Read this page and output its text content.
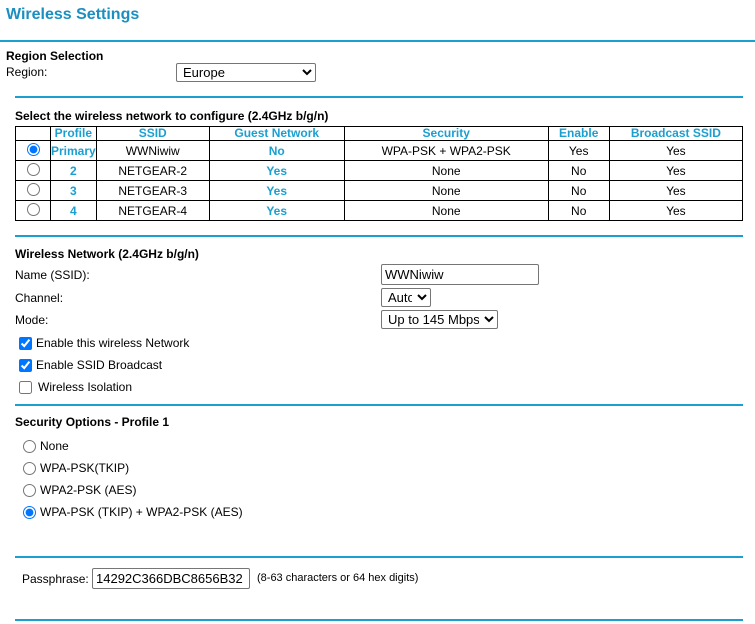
Wireless Settings
Region Selection
Region:
Europe
Select the wireless network to configure (2.4GHz b/g/n)
	Profile	SSID	Guest Network	Security	Enable	Broadcast SSID
	Primary	WWNiwiw	No	WPA-PSK + WPA2-PSK	Yes	Yes
	2	NETGEAR-2	Yes	None	No	Yes
	3	NETGEAR-3	Yes	None	No	Yes
	4	NETGEAR-4	Yes	None	No	Yes
Wireless Network (2.4GHz b/g/n)
Name (SSID):
WWNiwiw
Channel:
Auto
Mode:
Up to 145 Mbps
Enable this wireless Network
Enable SSID Broadcast
Wireless Isolation
Security Options - Profile 1
None
WPA-PSK(TKIP)
WPA2-PSK (AES)
WPA-PSK (TKIP) + WPA2-PSK (AES)
Passphrase:
14292C366DBC8656B32	(8-63 characters or 64 hex digits)
